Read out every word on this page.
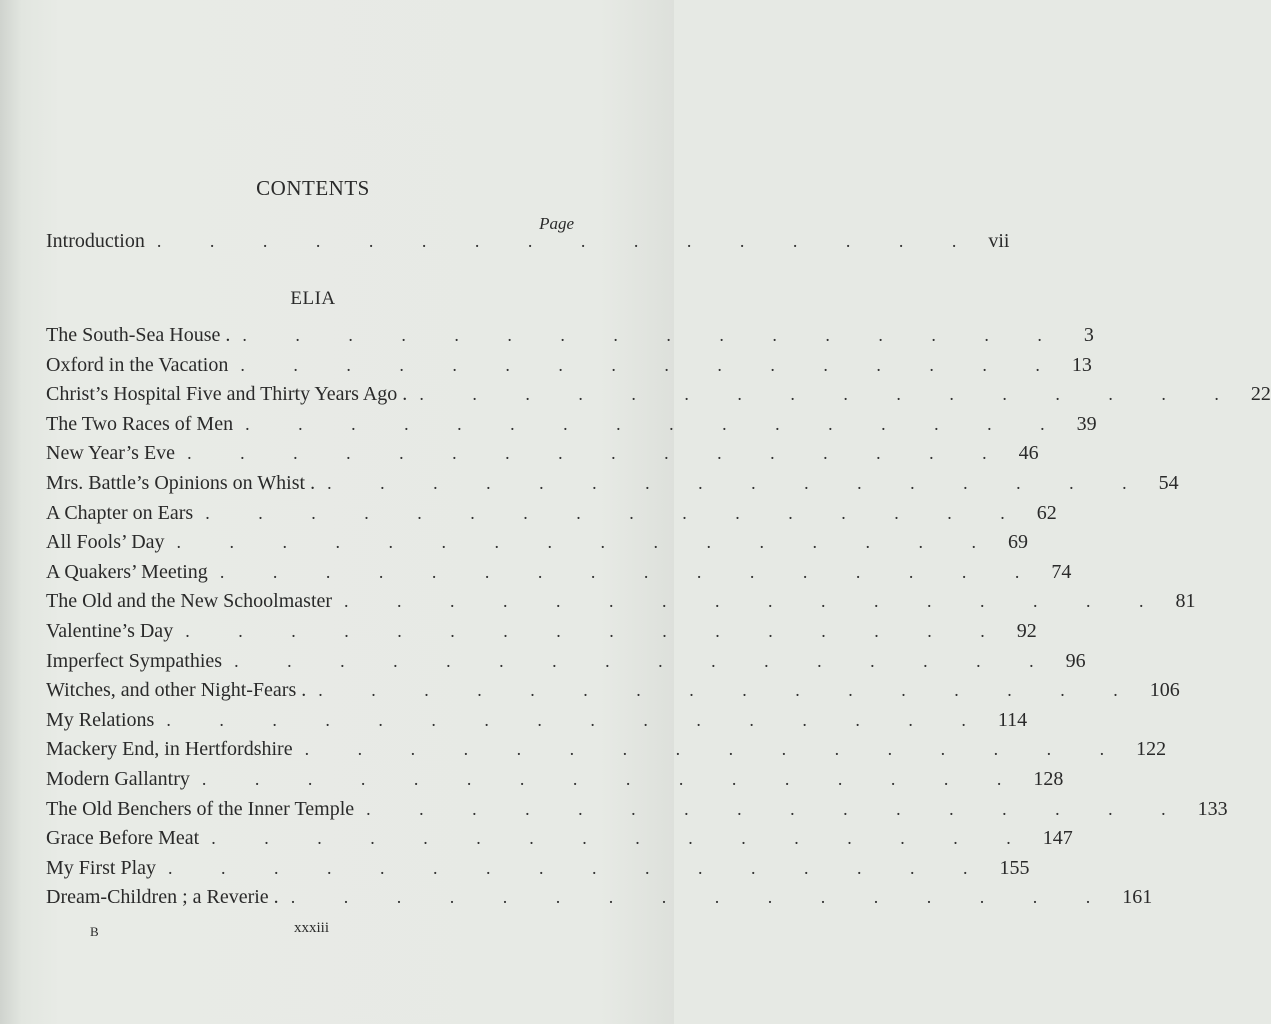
CONTENTS
Page
Introduction . . . . . . . . . . . . . . . . vii
ELIA
The South-Sea House . . . . . . . . . . . . . . . . .	3
Oxford in the Vacation . . . . . . . . . . . . . . . . 13
Christ’s Hospital Five and Thirty Years Ago . . . . . . . . . . . . . . . . . 22
The Two Races of Men . . . . . . . . . . . . . . . . 39
New Year’s Eve . . . . . . . . . . . . . . . . 46
Mrs. Battle’s Opinions on Whist . . . . . . . . . . . . . . . . . 54
A Chapter on Ears . . . . . . . . . . . . . . . . 62
All Fools’ Day . . . . . . . . . . . . . . . . 69
A Quakers’ Meeting . . . . . . . . . . . . . . . . 74
The Old and the New Schoolmaster . . . . . . . . . . . . . . . . 81
Valentine’s Day . . . . . . . . . . . . . . . . 92
Imperfect Sympathies . . . . . . . . . . . . . . . . 96
Witches, and other Night-Fears . . . . . . . . . . . . . . . . . 106
My Relations . . . . . . . . . . . . . . . . 114
Mackery End, in Hertfordshire . . . . . . . . . . . . . . . . 122
Modern Gallantry . . . . . . . . . . . . . . . . 128
The Old Benchers of the Inner Temple . . . . . . . . . . . . . . . . 133
Grace Before Meat . . . . . . . . . . . . . . . . 147
My First Play . . . . . . . . . . . . . . . . 155
Dream-Children ; a Reverie . . . . . . . . . . . . . . . . . 161
B	xxxiii
